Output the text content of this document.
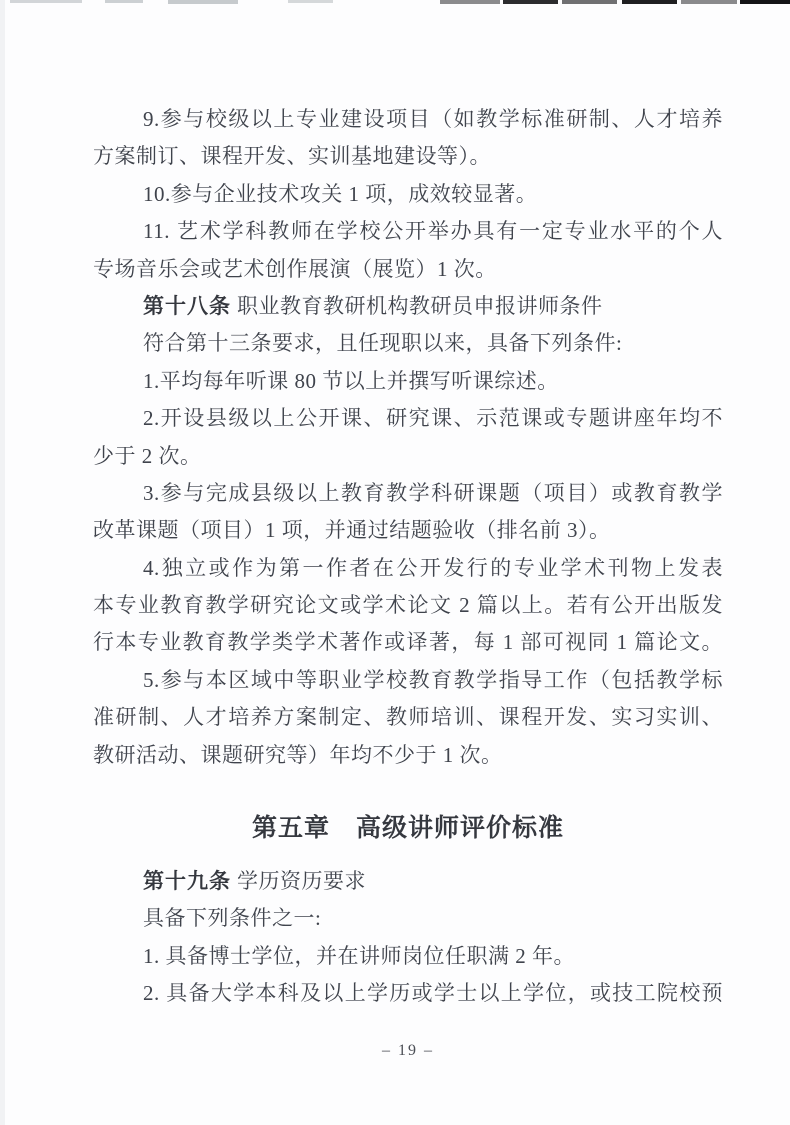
9.参与校级以上专业建设项目（如教学标准研制、人才培养
方案制订、课程开发、实训基地建设等）。
10.参与企业技术攻关 1 项，成效较显著。
11. 艺术学科教师在学校公开举办具有一定专业水平的个人
专场音乐会或艺术创作展演（展览）1 次。
第十八条 职业教育教研机构教研员申报讲师条件
符合第十三条要求，且任现职以来，具备下列条件:
1.平均每年听课 80 节以上并撰写听课综述。
2.开设县级以上公开课、研究课、示范课或专题讲座年均不
少于 2 次。
3.参与完成县级以上教育教学科研课题（项目）或教育教学
改革课题（项目）1 项，并通过结题验收（排名前 3）。
4.独立或作为第一作者在公开发行的专业学术刊物上发表
本专业教育教学研究论文或学术论文 2 篇以上。若有公开出版发
行本专业教育教学类学术著作或译著，每 1 部可视同 1 篇论文。
5.参与本区域中等职业学校教育教学指导工作（包括教学标
准研制、人才培养方案制定、教师培训、课程开发、实习实训、
教研活动、课题研究等）年均不少于 1 次。
第五章　高级讲师评价标准
第十九条 学历资历要求
具备下列条件之一:
1. 具备博士学位，并在讲师岗位任职满 2 年。
2. 具备大学本科及以上学历或学士以上学位，或技工院校预
– 19 –
